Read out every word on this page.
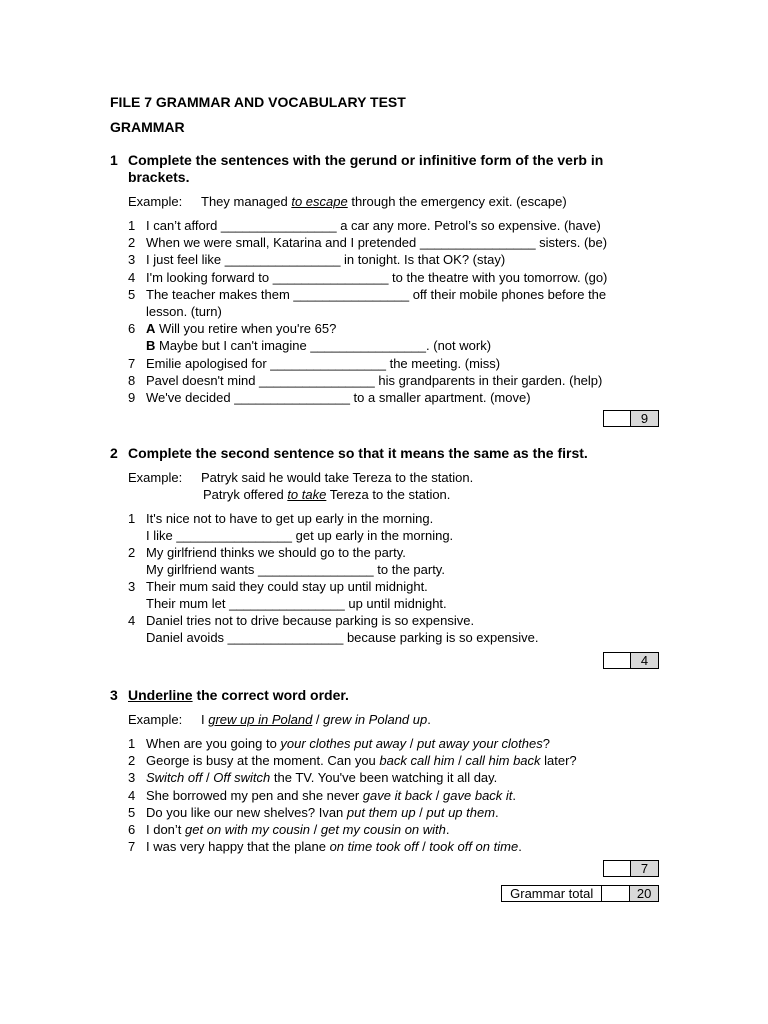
FILE 7 GRAMMAR AND VOCABULARY TEST
GRAMMAR
1 Complete the sentences with the gerund or infinitive form of the verb in
brackets.
Example: They managed to escape through the emergency exit. (escape)
1 I can’t afford ________________ a car any more. Petrol’s so expensive. (have)
2 When we were small, Katarina and I pretended ________________ sisters. (be)
3 I just feel like ________________ in tonight. Is that OK? (stay)
4 I'm looking forward to ________________ to the theatre with you tomorrow. (go)
5 The teacher makes them ________________ off their mobile phones before the
lesson. (turn)
6 A Will you retire when you're 65?
B Maybe but I can't imagine ________________. (not work)
7 Emilie apologised for ________________ the meeting. (miss)
8 Pavel doesn't mind ________________ his grandparents in their garden. (help)
9 We've decided ________________ to a smaller apartment. (move)
9
2 Complete the second sentence so that it means the same as the first.
Example: Patryk said he would take Tereza to the station.
Patryk offered to take Tereza to the station.
1 It's nice not to have to get up early in the morning.
I like ________________ get up early in the morning.
2 My girlfriend thinks we should go to the party.
My girlfriend wants ________________ to the party.
3 Their mum said they could stay up until midnight.
Their mum let ________________ up until midnight.
4 Daniel tries not to drive because parking is so expensive.
Daniel avoids ________________ because parking is so expensive.
4
3 Underline the correct word order.
Example: I grew up in Poland / grew in Poland up.
1 When are you going to your clothes put away / put away your clothes?
2 George is busy at the moment. Can you back call him / call him back later?
3 Switch off / Off switch the TV. You've been watching it all day.
4 She borrowed my pen and she never gave it back / gave back it.
5 Do you like our new shelves? Ivan put them up / put up them.
6 I don’t get on with my cousin / get my cousin on with.
7 I was very happy that the plane on time took off / took off on time.
7
Grammar total	20
